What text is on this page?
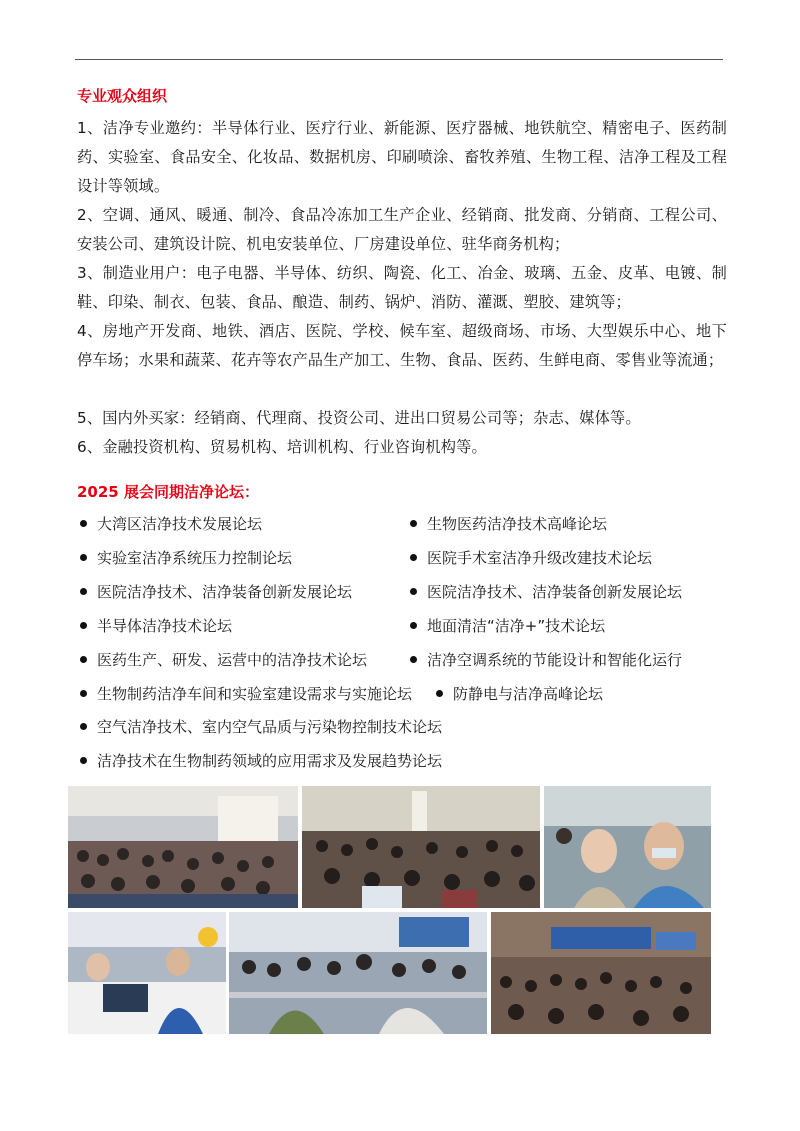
专业观众组织

1、洁净专业邀约：半导体行业、医疗行业、新能源、医疗器械、地铁航空、精密电子、医药制药、实验室、食品安全、化妆品、数据机房、印刷喷涂、畜牧养殖、生物工程、洁净工程及工程设计等领域。

2、空调、通风、暖通、制冷、食品冷冻加工生产企业、经销商、批发商、分销商、工程公司、安装公司、建筑设计院、机电安装单位、厂房建设单位、驻华商务机构；

3、制造业用户：电子电器、半导体、纺织、陶瓷、化工、冶金、玻璃、五金、皮革、电镀、制鞋、印染、制衣、包装、食品、酿造、制药、锅炉、消防、灌溉、塑胶、建筑等；

4、房地产开发商、地铁、酒店、医院、学校、候车室、超级商场、市场、大型娱乐中心、地下停车场；水果和蔬菜、花卉等农产品生产加工、生物、食品、医药、生鲜电商、零售业等流通；

5、国内外买家：经销商、代理商、投资公司、进出口贸易公司等；杂志、媒体等。

6、金融投资机构、贸易机构、培训机构、行业咨询机构等。

2025 展会同期洁净论坛：
大湾区洁净技术发展论坛
实验室洁净系统压力控制论坛
医院洁净技术、洁净装备创新发展论坛
半导体洁净技术论坛
医药生产、研发、运营中的洁净技术论坛
生物制药洁净车间和实验室建设需求与实施论坛
空气洁净技术、室内空气品质与污染物控制技术论坛
洁净技术在生物制药领域的应用需求及发展趋势论坛
生物医药洁净技术高峰论坛
医院手术室洁净升级改建技术论坛
医院洁净技术、洁净装备创新发展论坛
地面清洁“洁净+”技术论坛
洁净空调系统的节能设计和智能化运行
防静电与洁净高峰论坛
